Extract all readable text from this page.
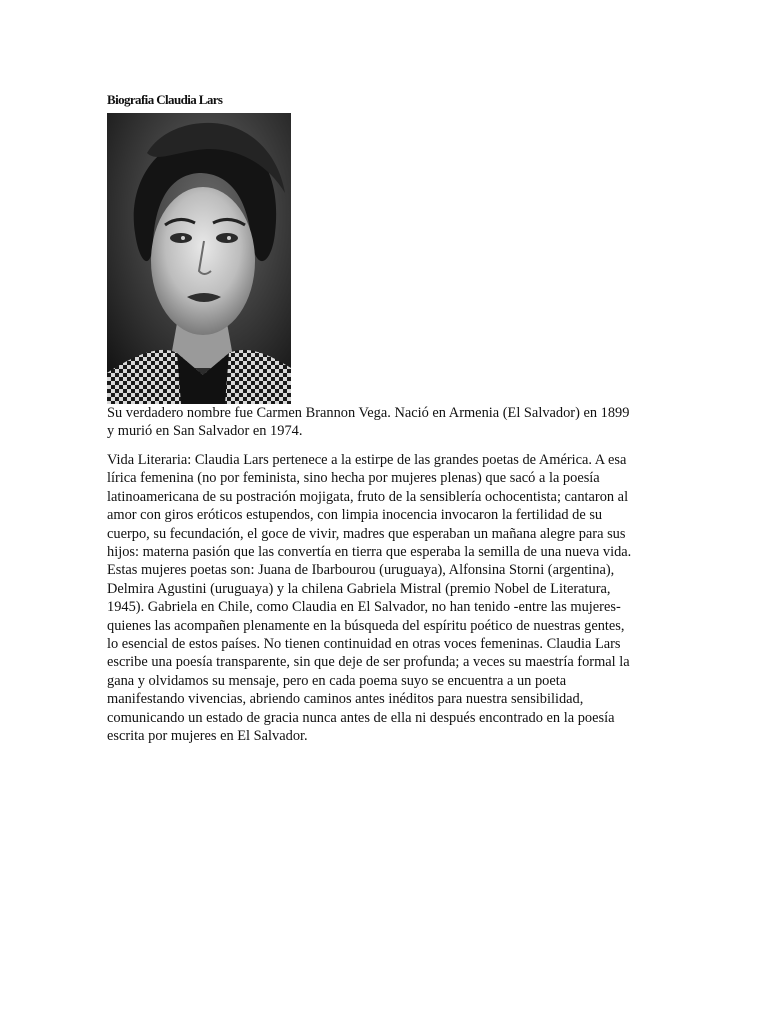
Biografia Claudia Lars

Su verdadero nombre fue Carmen Brannon Vega. Nació en Armenia (El Salvador) en 1899
y murió en San Salvador en 1974.

Vida Literaria: Claudia Lars pertenece a la estirpe de las grandes poetas de América. A esa
lírica femenina (no por feminista, sino hecha por mujeres plenas) que sacó a la poesía
latinoamericana de su postración mojigata, fruto de la sensiblería ochocentista; cantaron al
amor con giros eróticos estupendos, con limpia inocencia invocaron la fertilidad de su
cuerpo, su fecundación, el goce de vivir, madres que esperaban un mañana alegre para sus
hijos: materna pasión que las convertía en tierra que esperaba la semilla de una nueva vida.
Estas mujeres poetas son: Juana de Ibarbourou (uruguaya), Alfonsina Storni (argentina),
Delmira Agustini (uruguaya) y la chilena Gabriela Mistral (premio Nobel de Literatura,
1945). Gabriela en Chile, como Claudia en El Salvador, no han tenido -entre las mujeres-
quienes las acompañen plenamente en la búsqueda del espíritu poético de nuestras gentes,
lo esencial de estos países. No tienen continuidad en otras voces femeninas. Claudia Lars
escribe una poesía transparente, sin que deje de ser profunda; a veces su maestría formal la
gana y olvidamos su mensaje, pero en cada poema suyo se encuentra a un poeta
manifestando vivencias, abriendo caminos antes inéditos para nuestra sensibilidad,
comunicando un estado de gracia nunca antes de ella ni después encontrado en la poesía
escrita por mujeres en El Salvador.
